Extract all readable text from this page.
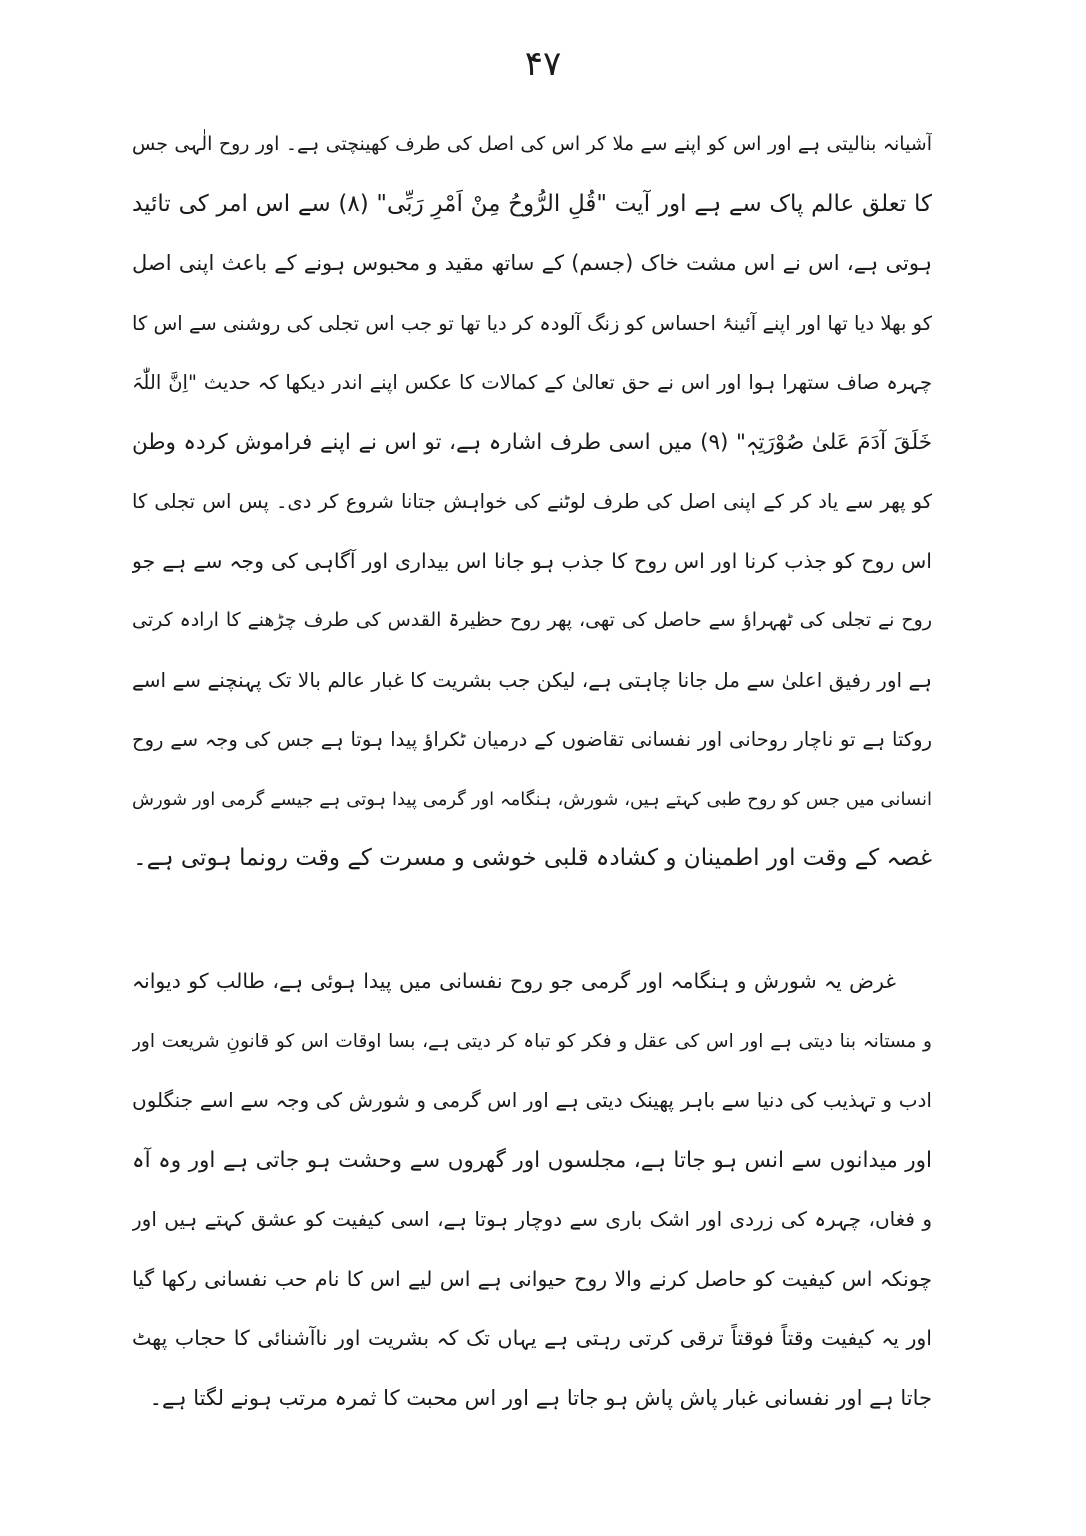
۴۷
آشیانہ بنالیتی ہے اور اس کو اپنے سے ملا کر اس کی اصل کی طرف کھینچتی ہے۔ اور روح الٰہی جس
کا تعلق عالم پاک سے ہے اور آیت "قُلِ الرُّوحُ مِنْ اَمْرِ رَبِّی" (۸) سے اس امر کی تائید
ہوتی ہے، اس نے اس مشت خاک (جسم) کے ساتھ مقید و محبوس ہونے کے باعث اپنی اصل
کو بھلا دیا تھا اور اپنے آئینۂ احساس کو زنگ آلودہ کر دیا تھا تو جب اس تجلی کی روشنی سے اس کا
چہرہ صاف ستھرا ہوا اور اس نے حق تعالیٰ کے کمالات کا عکس اپنے اندر دیکھا کہ حدیث "اِنَّ اللّٰہَ
خَلَقَ آدَمَ عَلیٰ صُوْرَتِہٖ" (۹) میں اسی طرف اشارہ ہے، تو اس نے اپنے فراموش کردہ وطن
کو پھر سے یاد کر کے اپنی اصل کی طرف لوٹنے کی خواہش جتانا شروع کر دی۔ پس اس تجلی کا
اس روح کو جذب کرنا اور اس روح کا جذب ہو جانا اس بیداری اور آگاہی کی وجہ سے ہے جو
روح نے تجلی کی ٹھہراؤ سے حاصل کی تھی، پھر روح حظیرۃ القدس کی طرف چڑھنے کا ارادہ کرتی
ہے اور رفیق اعلیٰ سے مل جانا چاہتی ہے، لیکن جب بشریت کا غبار عالم بالا تک پہنچنے سے اسے
روکتا ہے تو ناچار روحانی اور نفسانی تقاضوں کے درمیان ٹکراؤ پیدا ہوتا ہے جس کی وجہ سے روح
انسانی میں جس کو روح طبی کہتے ہیں، شورش، ہنگامہ اور گرمی پیدا ہوتی ہے جیسے گرمی اور شورش
غصہ کے وقت اور اطمینان و کشادہ قلبی خوشی و مسرت کے وقت رونما ہوتی ہے۔
غرض یہ شورش و ہنگامہ اور گرمی جو روح نفسانی میں پیدا ہوئی ہے، طالب کو دیوانہ
و مستانہ بنا دیتی ہے اور اس کی عقل و فکر کو تباہ کر دیتی ہے، بسا اوقات اس کو قانونِ شریعت اور
ادب و تہذیب کی دنیا سے باہر پھینک دیتی ہے اور اس گرمی و شورش کی وجہ سے اسے جنگلوں
اور میدانوں سے انس ہو جاتا ہے، مجلسوں اور گھروں سے وحشت ہو جاتی ہے اور وہ آہ
و فغاں، چہرہ کی زردی اور اشک باری سے دوچار ہوتا ہے، اسی کیفیت کو عشق کہتے ہیں اور
چونکہ اس کیفیت کو حاصل کرنے والا روح حیوانی ہے اس لیے اس کا نام حب نفسانی رکھا گیا
اور یہ کیفیت وقتاً فوقتاً ترقی کرتی رہتی ہے یہاں تک کہ بشریت اور ناآشنائی کا حجاب پھٹ
جاتا ہے اور نفسانی غبار پاش پاش ہو جاتا ہے اور اس محبت کا ثمرہ مرتب ہونے لگتا ہے۔
